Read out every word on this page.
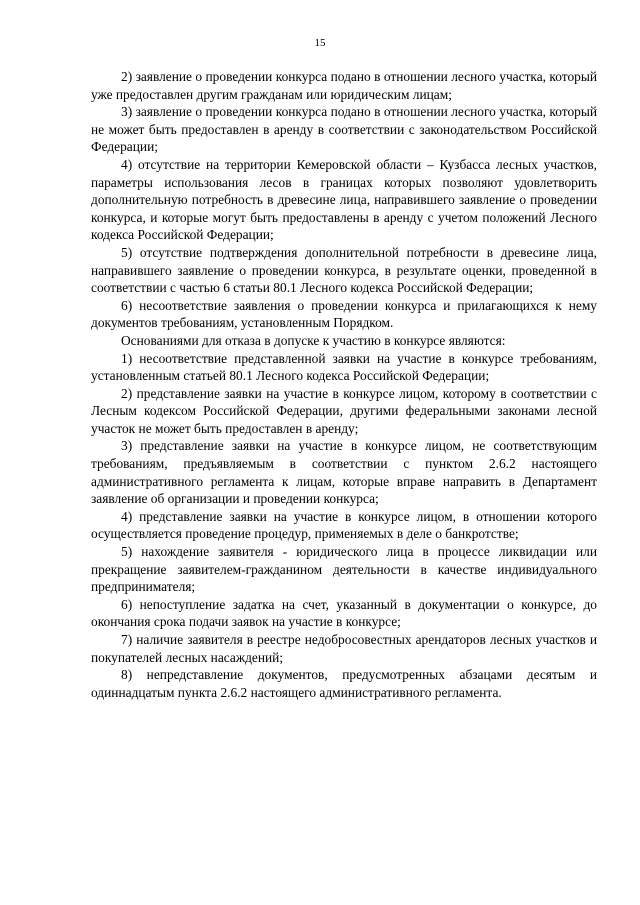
15

2) заявление о проведении конкурса подано в отношении лесного участка, который уже предоставлен другим гражданам или юридическим лицам;

3) заявление о проведении конкурса подано в отношении лесного участка, который не может быть предоставлен в аренду в соответствии с законодательством Российской Федерации;

4) отсутствие на территории Кемеровской области – Кузбасса лесных участков, параметры использования лесов в границах которых позволяют удовлетворить дополнительную потребность в древесине лица, направившего заявление о проведении конкурса, и которые могут быть предоставлены в аренду с учетом положений Лесного кодекса Российской Федерации;

5) отсутствие подтверждения дополнительной потребности в древесине лица, направившего заявление о проведении конкурса, в результате оценки, проведенной в соответствии с частью 6 статьи 80.1 Лесного кодекса Российской Федерации;

6) несоответствие заявления о проведении конкурса и прилагающихся к нему документов требованиям, установленным Порядком.

Основаниями для отказа в допуске к участию в конкурсе являются:

1) несоответствие представленной заявки на участие в конкурсе требованиям, установленным статьей 80.1 Лесного кодекса Российской Федерации;

2) представление заявки на участие в конкурсе лицом, которому в соответствии с Лесным кодексом Российской Федерации, другими федеральными законами лесной участок не может быть предоставлен в аренду;

3) представление заявки на участие в конкурсе лицом, не соответствующим требованиям, предъявляемым в соответствии с пунктом 2.6.2 настоящего административного регламента к лицам, которые вправе направить в Департамент заявление об организации и проведении конкурса;

4) представление заявки на участие в конкурсе лицом, в отношении которого осуществляется проведение процедур, применяемых в деле о банкротстве;

5) нахождение заявителя - юридического лица в процессе ликвидации или прекращение заявителем-гражданином деятельности в качестве индивидуального предпринимателя;

6) непоступление задатка на счет, указанный в документации о конкурсе, до окончания срока подачи заявок на участие в конкурсе;

7) наличие заявителя в реестре недобросовестных арендаторов лесных участков и покупателей лесных насаждений;

8) непредставление документов, предусмотренных абзацами десятым и одиннадцатым пункта 2.6.2 настоящего административного регламента.
